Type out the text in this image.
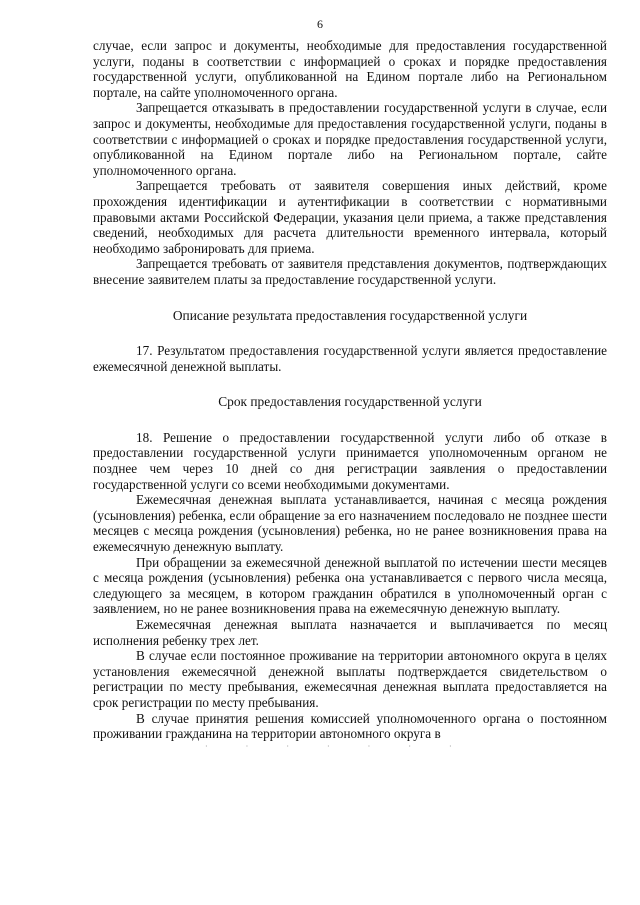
6

случае, если запрос и документы, необходимые для предоставления государственной услуги, поданы в соответствии с информацией о сроках и порядке предоставления государственной услуги, опубликованной на Едином портале либо на Региональном портале, на сайте уполномоченного органа.

Запрещается отказывать в предоставлении государственной услуги в случае, если запрос и документы, необходимые для предоставления государственной услуги, поданы в соответствии с информацией о сроках и порядке предоставления государственной услуги, опубликованной на Едином портале либо на Региональном портале, сайте уполномоченного органа.

Запрещается требовать от заявителя совершения иных действий, кроме прохождения идентификации и аутентификации в соответствии с нормативными правовыми актами Российской Федерации, указания цели приема, а также представления сведений, необходимых для расчета длительности временного интервала, который необходимо забронировать для приема.

Запрещается требовать от заявителя представления документов, подтверждающих внесение заявителем платы за предоставление государственной услуги.

Описание результата предоставления государственной услуги

17. Результатом предоставления государственной услуги является предоставление ежемесячной денежной выплаты.

Срок предоставления государственной услуги

18. Решение о предоставлении государственной услуги либо об отказе в предоставлении государственной услуги принимается уполномоченным органом не позднее чем через 10 дней со дня регистрации заявления о предоставлении государственной услуги со всеми необходимыми документами.

Ежемесячная денежная выплата устанавливается, начиная с месяца рождения (усыновления) ребенка, если обращение за его назначением последовало не позднее шести месяцев с месяца рождения (усыновления) ребенка, но не ранее возникновения права на ежемесячную денежную выплату.

При обращении за ежемесячной денежной выплатой по истечении шести месяцев с месяца рождения (усыновления) ребенка она устанавливается с первого числа месяца, следующего за месяцем, в котором гражданин обратился в уполномоченный орган с заявлением, но не ранее возникновения права на ежемесячную денежную выплату.

Ежемесячная денежная выплата назначается и выплачивается по месяц исполнения ребенку трех лет.

В случае если постоянное проживание на территории автономного округа в целях установления ежемесячной денежной выплаты подтверждается свидетельством о регистрации по месту пребывания, ежемесячная денежная выплата предоставляется на срок регистрации по месту пребывания.

В случае принятия решения комиссией уполномоченного органа о постоянном проживании гражданина на территории автономного округа в

· · · · · · ·
